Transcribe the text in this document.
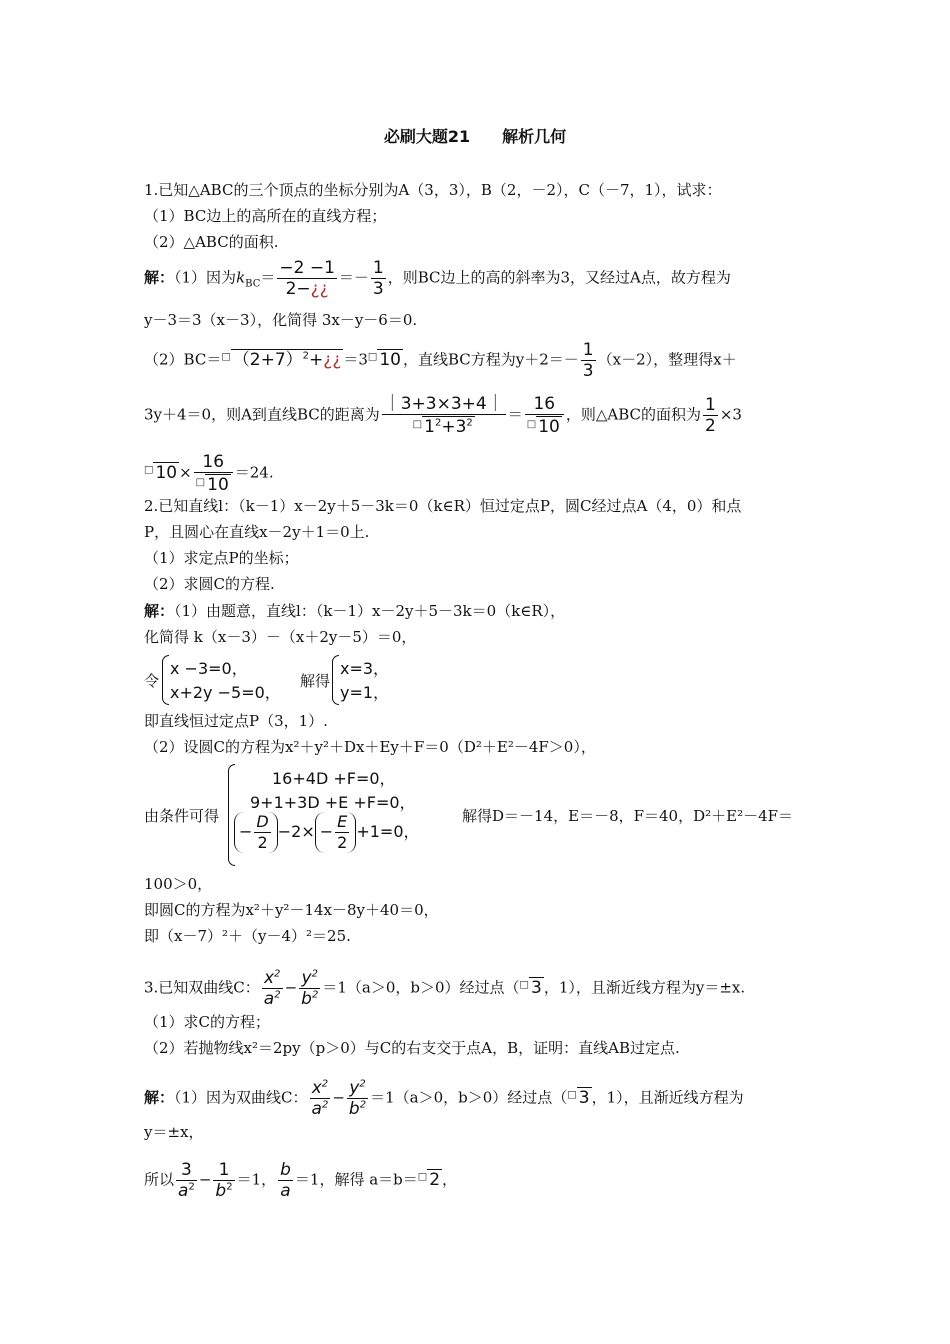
必刷大题21　　解析几何
1.已知△ABC的三个顶点的坐标分别为A（3，3），B（2，－2），C（－7，1），试求：
（1）BC边上的高所在的直线方程；
（2）△ABC的面积.
解：（1）因为$k_{BC}= \frac{-2 -1}{2-¿¿} =- \frac{1}{3}$ ，则BC边上的高的斜率为3，又经过A点，故方程为
y－3＝3（x－3），化简得 3x－y－6＝0.
（2）BC＝□ $(2+7)^2+¿¿ =3^□$ 10 ，直线BC方程为$y+2=- \frac{1}{3} (x-2)$，整理得x＋
3y＋4＝0，则A到直线BC的距离为 $\frac{|3+3\times 3+4|}{^□ 1^2+3^2} = \frac{16}{^□ 10}$ ，则△ABC的面积为 $\frac{1}{2} \times 3$
□ $10 \times \frac{16}{^□ 10} =24$.
2.已知直线l：（k－1）x－2y＋5－3k＝0（k∈R）恒过定点P，圆C经过点A（4，0）和点
P，且圆心在直线x－2y＋1＝0上.
（1）求定点P的坐标；
（2）求圆C的方程.
解：（1）由题意，直线l：（k－1）x－2y＋5－3k＝0（k∈R），
化简得 k（x－3）－（x＋2y－5）＝0，
令
x −3=0，
x+2y −5=0，
解得
x=3，
y=1，
即直线恒过定点P（3，1）.
（2）设圆C的方程为x²＋y²＋Dx＋Ey＋F＝0（D²＋E²－4F＞0），
由条件可得
16+4D +F=0，
9+1+3D +E +F=0，
− $\frac{D}{2} -2\times - \frac{E}{2} +1=0$，
解得D＝－14，E＝－8，F＝40，D²＋E²－4F＝
100＞0，
即圆C的方程为x²＋y²－14x－8y＋40＝0，
即（x－7）²＋（y－4）²＝25.
3.已知双曲线C： $\frac{x^2}{a^2} - \frac{y^2}{b^2} =1(a>0$，b＞0）经过点（□ 3 ，1），且渐近线方程为y＝±x.
（1）求C的方程；
（2）若抛物线x²＝2py（p＞0）与C的右支交于点A，B，证明：直线AB过定点.
解：（1）因为双曲线C： $\frac{x^2}{a^2} - \frac{y^2}{b^2} =1(a>0$，b＞0）经过点（□ 3 ，1），且渐近线方程为
y＝±x，
所以 $\frac{3}{a^2} - \frac{1}{b^2} =1$， $\frac{b}{a} =1$，解得 a＝b＝□ 2 ，
